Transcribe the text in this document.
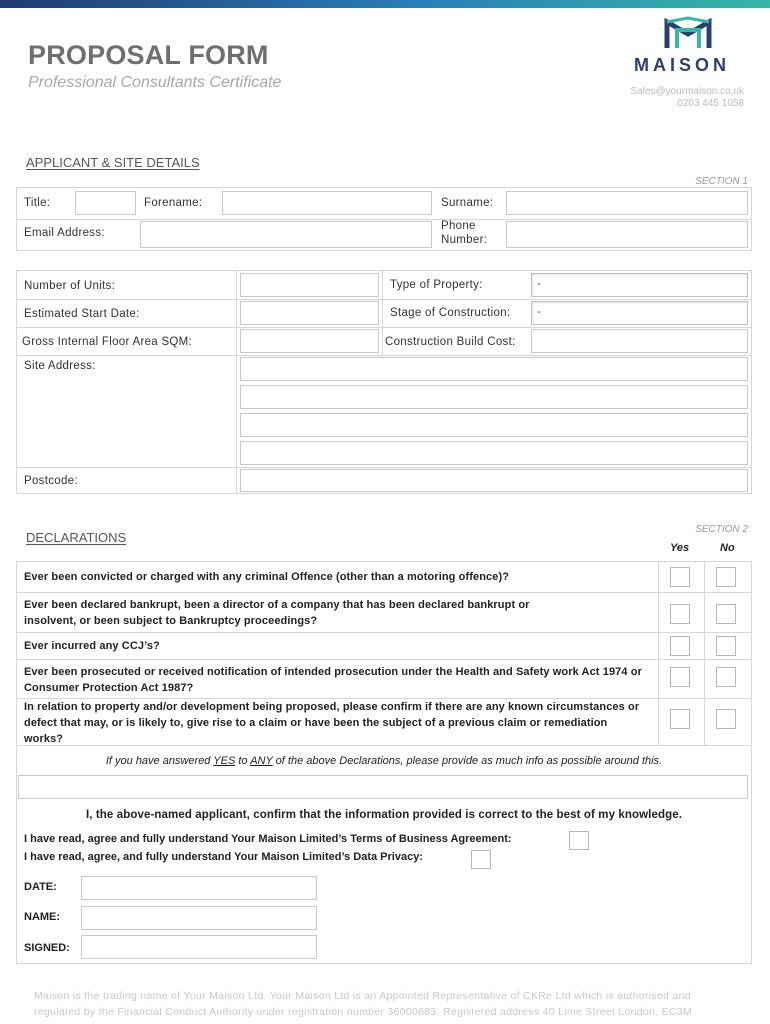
PROPOSAL FORM
Professional Consultants Certificate
MAISON
Sales@yourmaison.co.uk
0203 445 1058
APPLICANT & SITE DETAILS
SECTION 1
Title:	Forename:	Surname:
Email Address:
Phone
Number:
Number of Units:	Type of Property:	-
Estimated Start Date:	Stage of Construction:	-
Gross Internal Floor Area SQM:	Construction Build Cost:
Site Address:
Postcode:
DECLARATIONS
SECTION 2
Yes	No
Ever been convicted or charged with any criminal Offence (other than a motoring offence)?
Ever been declared bankrupt, been a director of a company that has been declared bankrupt or insolvent, or been subject to Bankruptcy proceedings?
Ever incurred any CCJ’s?
Ever been prosecuted or received notification of intended prosecution under the Health and Safety work Act 1974 or Consumer Protection Act 1987?
In relation to property and/or development being proposed, please confirm if there are any known circumstances or defect that may, or is likely to, give rise to a claim or have been the subject of a previous claim or remediation works?
If you have answered YES to ANY of the above Declarations, please provide as much info as possible around this.
I, the above-named applicant, confirm that the information provided is correct to the best of my knowledge.
I have read, agree and fully understand Your Maison Limited’s Terms of Business Agreement:
I have read, agree, and fully understand Your Maison Limited’s Data Privacy:
DATE:
NAME:
SIGNED:
Maison is the trading name of Your Maison Ltd. Your Maison Ltd is an Appointed Representative of CKRe Ltd which is authorised and
regulated by the Financial Conduct Authority under registration number 36000683. Registered address 40 Lime Street London, EC3M
